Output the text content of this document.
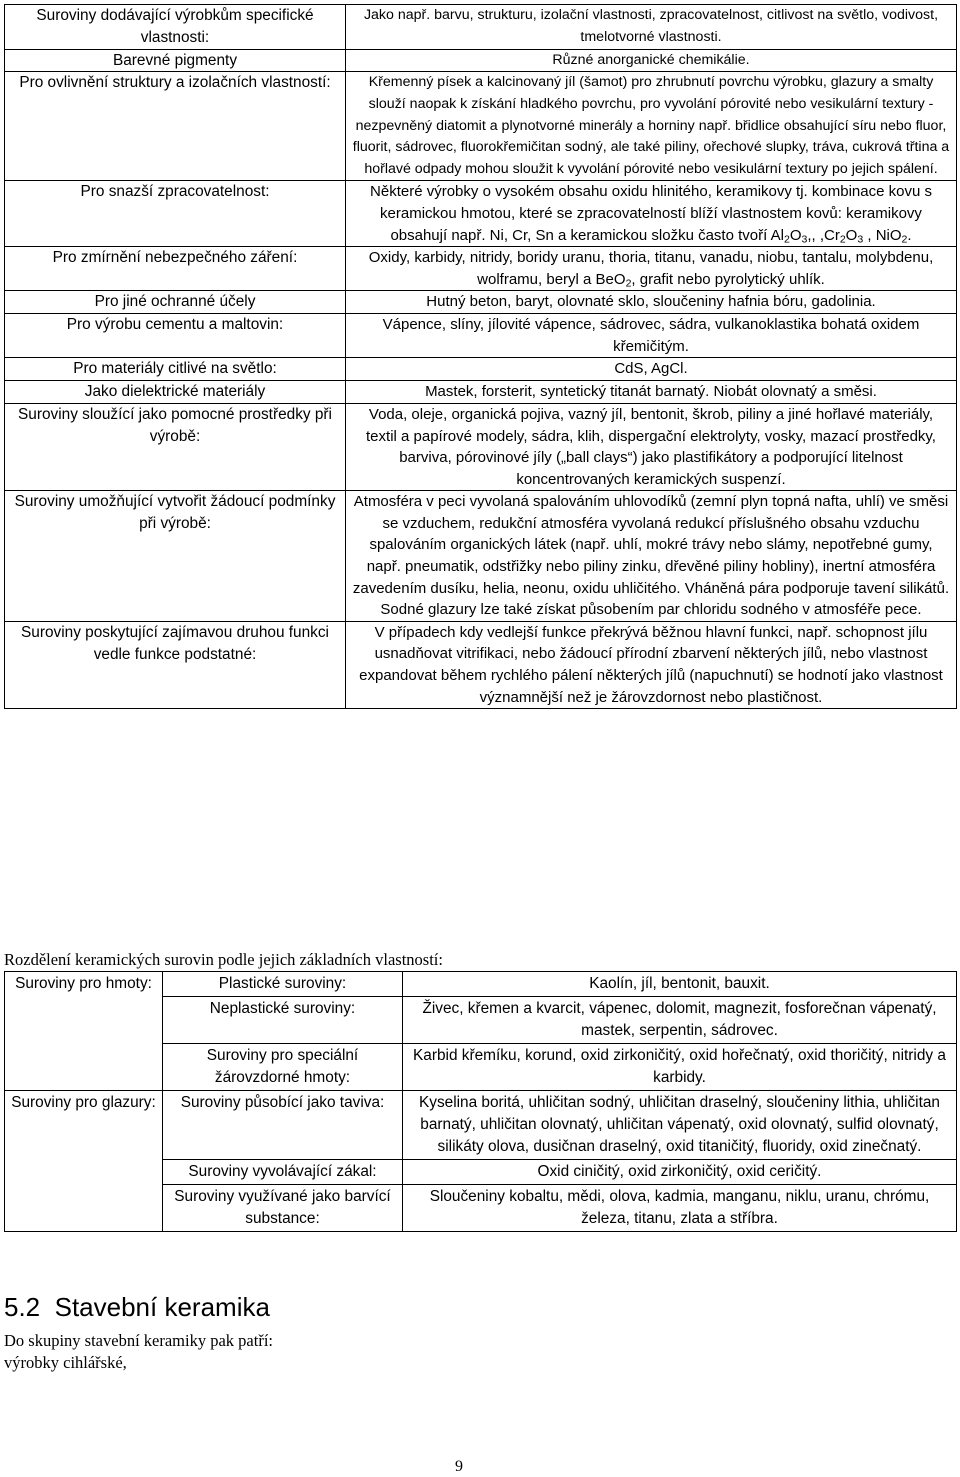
Suroviny dodávající výrobkům specifické vlastnosti:	Jako např. barvu, strukturu, izolační vlastnosti, zpracovatelnost, citlivost na světlo, vodivost, tmelotvorné vlastnosti.
Barevné pigmenty	Různé anorganické chemikálie.
Pro ovlivnění struktury a izolačních vlastností:	Křemenný písek a kalcinovaný jíl (šamot) pro zhrubnutí povrchu výrobku, glazury a smalty slouží naopak k získání hladkého povrchu, pro vyvolání pórovité nebo vesikulární textury - nezpevněný diatomit a plynotvorné minerály a horniny např. břidlice obsahující síru nebo fluor, fluorit, sádrovec, fluorokřemičitan sodný, ale také piliny, ořechové slupky, tráva, cukrová třtina a hořlavé odpady mohou sloužit k vyvolání pórovité nebo vesikulární textury po jejich spálení.
Pro snazší zpracovatelnost:	Některé výrobky o vysokém obsahu oxidu hlinitého, keramikovy tj. kombinace kovu s keramickou hmotou, které se zpracovatelností blíží vlastnostem kovů: keramikovy obsahují např. Ni, Cr, Sn a keramickou složku často tvoří $Al_2O_3$,, $,Cr_2O_3$ , NiO$_2$.
Pro zmírnění nebezpečného záření:	Oxidy, karbidy, nitridy, boridy uranu, thoria, titanu, vanadu, niobu, tantalu, molybdenu, wolframu, beryl a BeO$_2$, grafit nebo pyrolytický uhlík.
Pro jiné ochranné účely	Hutný beton, baryt, olovnaté sklo, sloučeniny hafnia bóru, gadolinia.
Pro výrobu cementu a maltovin:	Vápence, slíny, jílovité vápence, sádrovec, sádra, vulkanoklastika bohatá oxidem křemičitým.
Pro materiály citlivé na světlo:	CdS, AgCl.
Jako dielektrické materiály	Mastek, forsterit, syntetický titanát barnatý. Niobát olovnatý a směsi.
Suroviny sloužící jako pomocné prostředky při výrobě:	Voda, oleje, organická pojiva, vazný jíl, bentonit, škrob, piliny a jiné hořlavé materiály, textil a papírové modely, sádra, klih, dispergační elektrolyty, vosky, mazací prostředky, barviva, pórovinové jíly („ball clays“) jako plastifikátory a podporující litelnost koncentrovaných keramických suspenzí.
Suroviny umožňující vytvořit žádoucí podmínky při výrobě:	Atmosféra v peci vyvolaná spalováním uhlovodíků (zemní plyn topná nafta, uhlí) ve směsi se vzduchem, redukční atmosféra vyvolaná redukcí příslušného obsahu vzduchu spalováním organických látek (např. uhlí, mokré trávy nebo slámy, nepotřebné gumy, např. pneumatik, odstřižky nebo piliny zinku, dřevěné piliny hobliny), inertní atmosféra zavedením dusíku, helia, neonu, oxidu uhličitého. Vháněná pára podporuje tavení silikátů. Sodné glazury lze také získat působením par chloridu sodného v atmosféře pece.
Suroviny poskytující zajímavou druhou funkci vedle funkce podstatné:	V případech kdy vedlejší funkce překrývá běžnou hlavní funkci, např. schopnost jílu usnadňovat vitrifikaci, nebo žádoucí přírodní zbarvení některých jílů, nebo vlastnost expandovat během rychlého pálení některých jílů (napuchnutí) se hodnotí jako vlastnost významnější než je žárovzdornost nebo plastičnost.
Rozdělení keramických surovin podle jejich základních vlastností:
Suroviny pro hmoty:	Plastické suroviny:	Kaolín, jíl, bentonit, bauxit.
	Neplastické suroviny:	Živec, křemen a kvarcit, vápenec, dolomit, magnezit, fosforečnan vápenatý, mastek, serpentin, sádrovec.
	Suroviny pro speciální žárovzdorné hmoty:	Karbid křemíku, korund, oxid zirkoničitý, oxid hořečnatý, oxid thoričitý, nitridy a karbidy.
Suroviny pro glazury:	Suroviny působící jako taviva:	Kyselina boritá, uhličitan sodný, uhličitan draselný, sloučeniny lithia, uhličitan barnatý, uhličitan olovnatý, uhličitan vápenatý, oxid olovnatý, sulfid olovnatý, silikáty olova, dusičnan draselný, oxid titaničitý, fluoridy, oxid zinečnatý.
	Suroviny vyvolávající zákal:	Oxid ciničitý, oxid zirkoničitý, oxid ceričitý.
	Suroviny využívané jako barvící substance:	Sloučeniny kobaltu, mědi, olova, kadmia, manganu, niklu, uranu, chrómu, železa, titanu, zlata a stříbra.
5.2 Stavební keramika
Do skupiny stavební keramiky pak patří:
výrobky cihlářské,
9
